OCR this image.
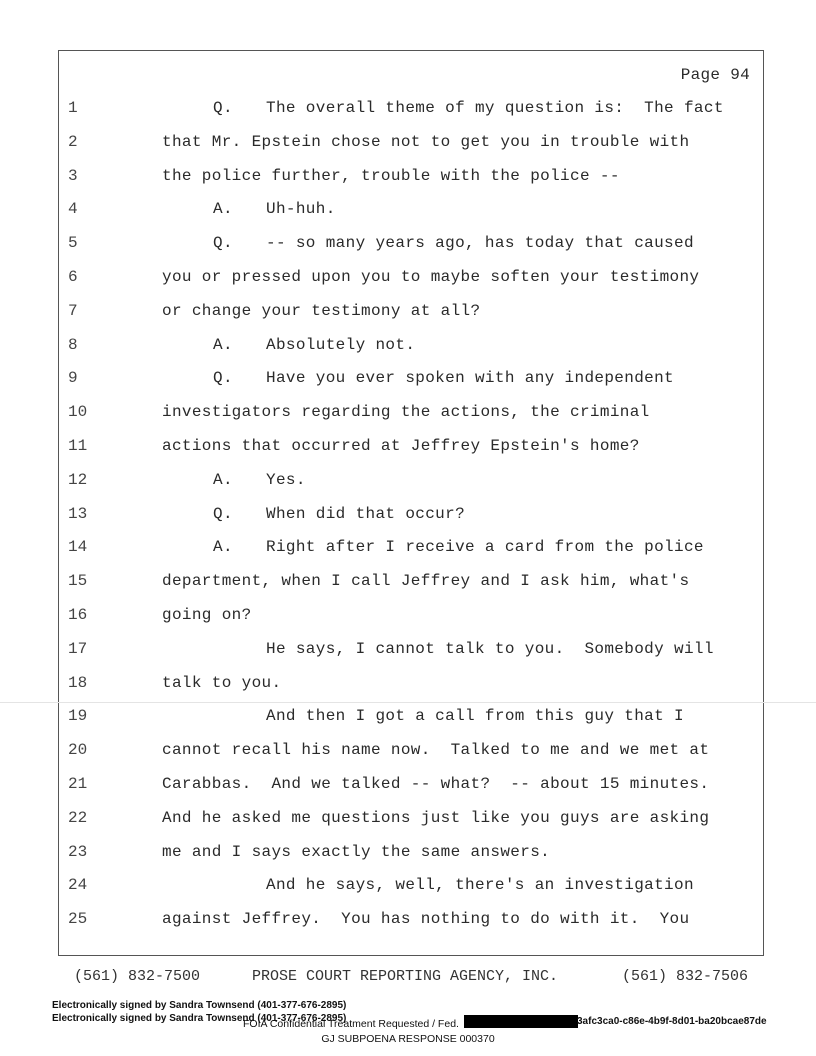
Page 94
1	Q. The overall theme of my question is:  The fact
2	that Mr. Epstein chose not to get you in trouble with
3	the police further, trouble with the police --
4	A. Uh-huh.
5	Q. -- so many years ago, has today that caused
6	you or pressed upon you to maybe soften your testimony
7	or change your testimony at all?
8	A. Absolutely not.
9	Q. Have you ever spoken with any independent
10	investigators regarding the actions, the criminal
11	actions that occurred at Jeffrey Epstein's home?
12	A. Yes.
13	Q. When did that occur?
14	A. Right after I receive a card from the police
15	department, when I call Jeffrey and I ask him, what's
16	going on?
17	He says, I cannot talk to you.  Somebody will
18	talk to you.
19	And then I got a call from this guy that I
20	cannot recall his name now.  Talked to me and we met at
21	Carabbas.  And we talked -- what?  -- about 15 minutes.
22	And he asked me questions just like you guys are asking
23	me and I says exactly the same answers.
24	And he says, well, there's an investigation
25	against Jeffrey.  You has nothing to do with it.  You

(561) 832-7500

	PROSE COURT REPORTING AGENCY, INC.

	(561) 832-7506

Electronically signed by Sandra Townsend (401-377-676-2895)
Electronically signed by Sandra Townsend (401-377-676-2895)
FOIA Confidential Treatment Requested / Fed.	3afc3ca0-c86e-4b9f-8d01-ba20bcae87de
GJ SUBPOENA RESPONSE 000370
